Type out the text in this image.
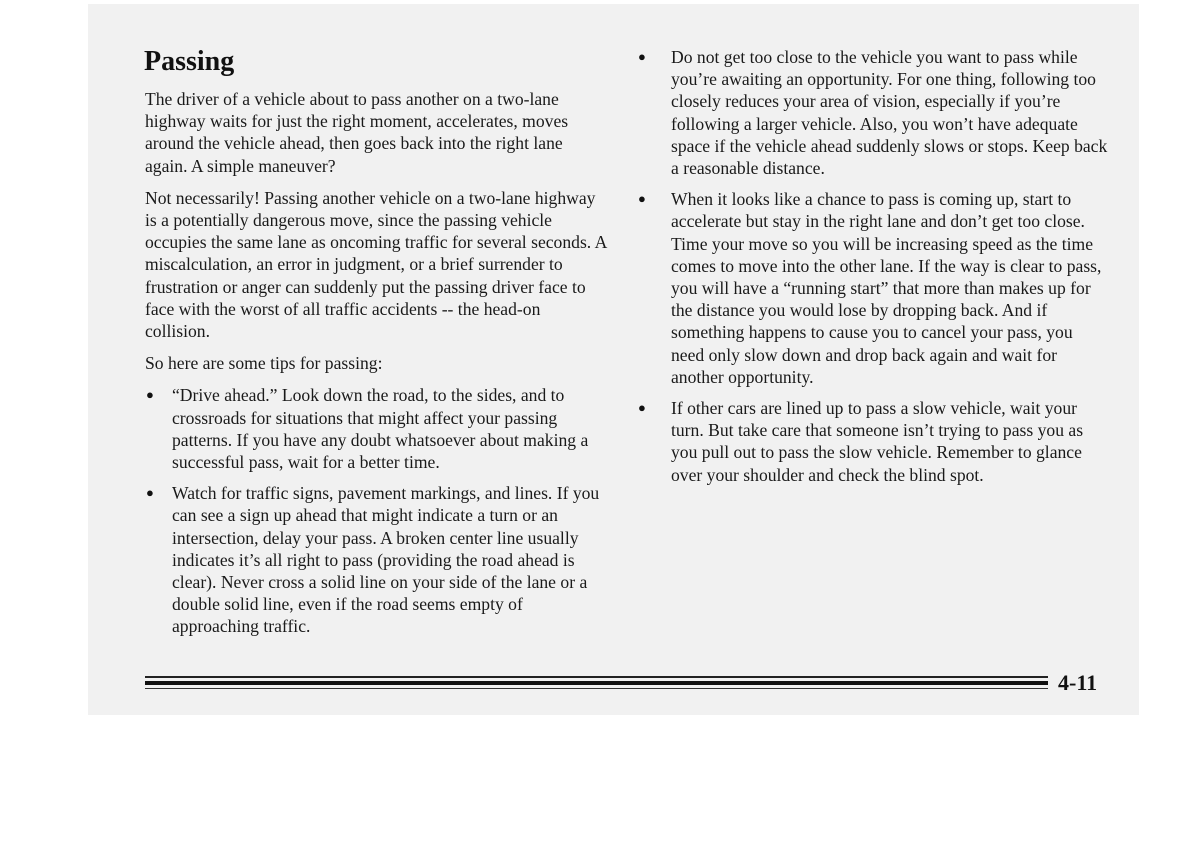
Passing

The driver of a vehicle about to pass another on a two-lane highway waits for just the right moment, accelerates, moves around the vehicle ahead, then goes back into the right lane again. A simple maneuver?

Not necessarily! Passing another vehicle on a two-lane highway is a potentially dangerous move, since the passing vehicle occupies the same lane as oncoming traffic for several seconds. A miscalculation, an error in judgment, or a brief surrender to frustration or anger can suddenly put the passing driver face to face with the worst of all traffic accidents -- the head-on collision.

So here are some tips for passing:

● “Drive ahead.” Look down the road, to the sides, and to crossroads for situations that might affect your passing patterns. If you have any doubt whatsoever about making a successful pass, wait for a better time.
● Watch for traffic signs, pavement markings, and lines. If you can see a sign up ahead that might indicate a turn or an intersection, delay your pass. A broken center line usually indicates it’s all right to pass (providing the road ahead is clear). Never cross a solid line on your side of the lane or a double solid line, even if the road seems empty of approaching traffic.
● Do not get too close to the vehicle you want to pass while you’re awaiting an opportunity. For one thing, following too closely reduces your area of vision, especially if you’re following a larger vehicle. Also, you won’t have adequate space if the vehicle ahead suddenly slows or stops. Keep back a reasonable distance.
● When it looks like a chance to pass is coming up, start to accelerate but stay in the right lane and don’t get too close. Time your move so you will be increasing speed as the time comes to move into the other lane. If the way is clear to pass, you will have a “running start” that more than makes up for the distance you would lose by dropping back. And if something happens to cause you to cancel your pass, you need only slow down and drop back again and wait for another opportunity.
● If other cars are lined up to pass a slow vehicle, wait your turn. But take care that someone isn’t trying to pass you as you pull out to pass the slow vehicle. Remember to glance over your shoulder and check the blind spot.
4-11
